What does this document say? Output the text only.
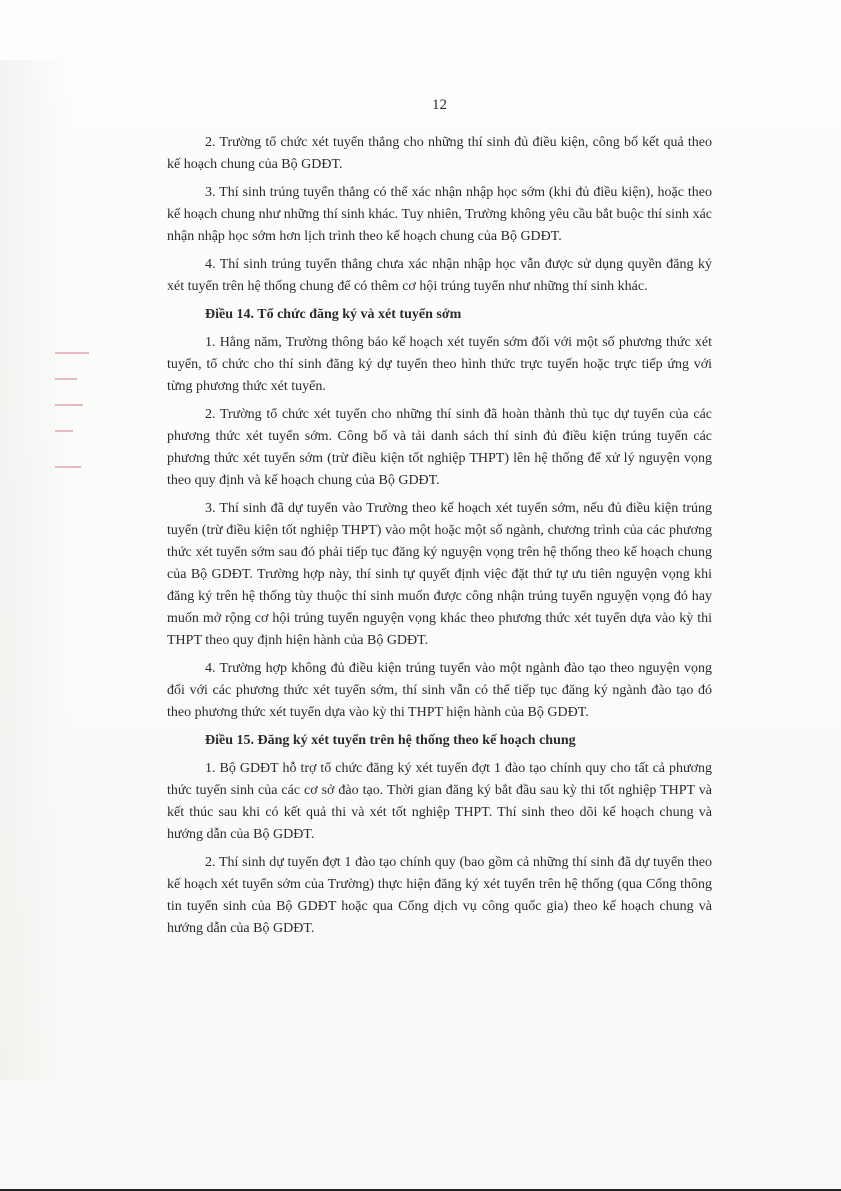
12

2. Trường tổ chức xét tuyển thẳng cho những thí sinh đủ điều kiện, công bố kết quả theo kế hoạch chung của Bộ GDĐT.

3. Thí sinh trúng tuyển thẳng có thể xác nhận nhập học sớm (khi đủ điều kiện), hoặc theo kế hoạch chung như những thí sinh khác. Tuy nhiên, Trường không yêu cầu bắt buộc thí sinh xác nhận nhập học sớm hơn lịch trình theo kế hoạch chung của Bộ GDĐT.

4. Thí sinh trúng tuyển thẳng chưa xác nhận nhập học vẫn được sử dụng quyền đăng ký xét tuyển trên hệ thống chung để có thêm cơ hội trúng tuyển như những thí sinh khác.

Điều 14. Tổ chức đăng ký và xét tuyển sớm

1. Hằng năm, Trường thông báo kế hoạch xét tuyển sớm đối với một số phương thức xét tuyển, tổ chức cho thí sinh đăng ký dự tuyển theo hình thức trực tuyến hoặc trực tiếp ứng với từng phương thức xét tuyển.

2. Trường tổ chức xét tuyển cho những thí sinh đã hoàn thành thủ tục dự tuyển của các phương thức xét tuyển sớm. Công bố và tải danh sách thí sinh đủ điều kiện trúng tuyển các phương thức xét tuyển sớm (trừ điều kiện tốt nghiệp THPT) lên hệ thống để xử lý nguyện vọng theo quy định và kế hoạch chung của Bộ GDĐT.

3. Thí sinh đã dự tuyển vào Trường theo kế hoạch xét tuyển sớm, nếu đủ điều kiện trúng tuyển (trừ điều kiện tốt nghiệp THPT) vào một hoặc một số ngành, chương trình của các phương thức xét tuyển sớm sau đó phải tiếp tục đăng ký nguyện vọng trên hệ thống theo kế hoạch chung của Bộ GDĐT. Trường hợp này, thí sinh tự quyết định việc đặt thứ tự ưu tiên nguyện vọng khi đăng ký trên hệ thống tùy thuộc thí sinh muốn được công nhận trúng tuyển nguyện vọng đó hay muốn mở rộng cơ hội trúng tuyển nguyện vọng khác theo phương thức xét tuyển dựa vào kỳ thi THPT theo quy định hiện hành của Bộ GDĐT.

4. Trường hợp không đủ điều kiện trúng tuyển vào một ngành đào tạo theo nguyện vọng đối với các phương thức xét tuyển sớm, thí sinh vẫn có thể tiếp tục đăng ký ngành đào tạo đó theo phương thức xét tuyển dựa vào kỳ thi THPT hiện hành của Bộ GDĐT.

Điều 15. Đăng ký xét tuyển trên hệ thống theo kế hoạch chung

1. Bộ GDĐT hỗ trợ tổ chức đăng ký xét tuyển đợt 1 đào tạo chính quy cho tất cả phương thức tuyển sinh của các cơ sở đào tạo. Thời gian đăng ký bắt đầu sau kỳ thi tốt nghiệp THPT và kết thúc sau khi có kết quả thi và xét tốt nghiệp THPT. Thí sinh theo dõi kế hoạch chung và hướng dẫn của Bộ GDĐT.

2. Thí sinh dự tuyển đợt 1 đào tạo chính quy (bao gồm cả những thí sinh đã dự tuyển theo kế hoạch xét tuyển sớm của Trường) thực hiện đăng ký xét tuyển trên hệ thống (qua Cổng thông tin tuyển sinh của Bộ GDĐT hoặc qua Cổng dịch vụ công quốc gia) theo kế hoạch chung và hướng dẫn của Bộ GDĐT.
